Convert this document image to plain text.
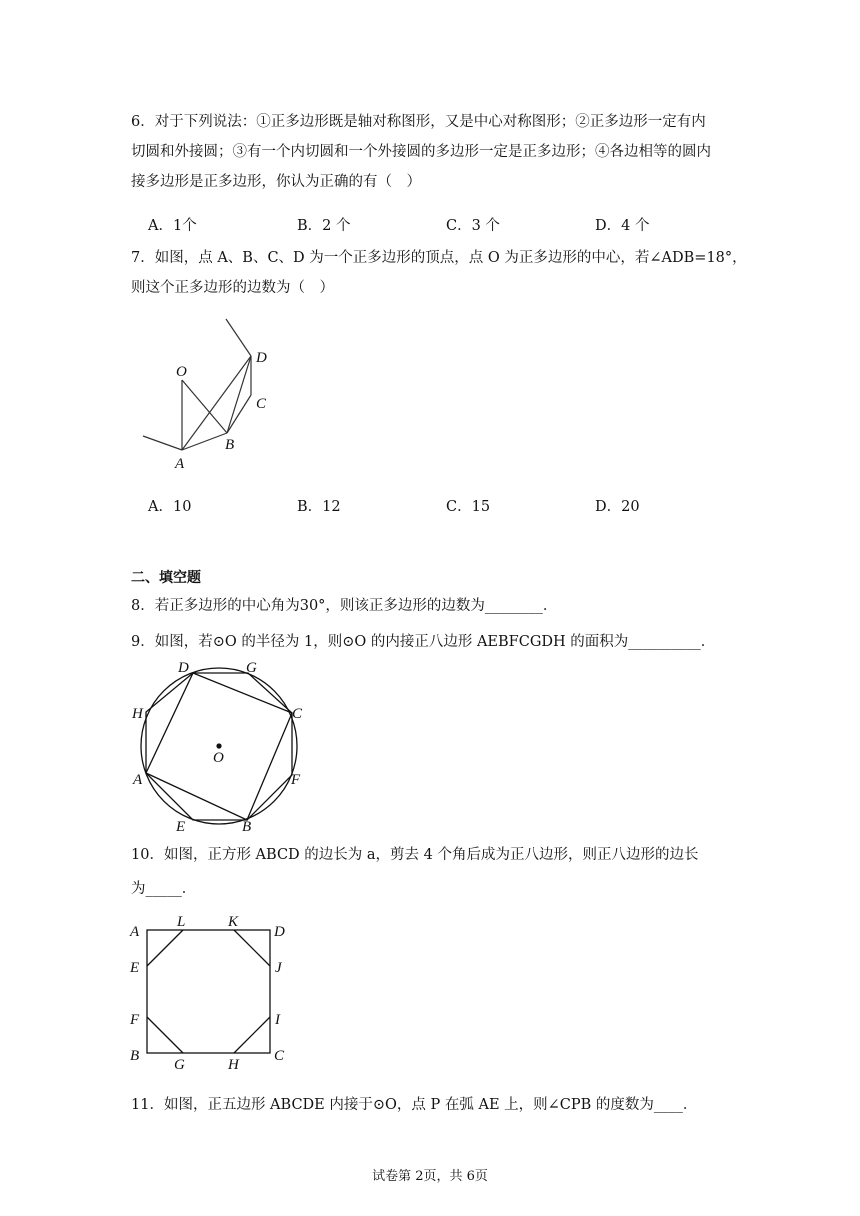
6．对于下列说法：①正多边形既是轴对称图形，又是中心对称图形；②正多边形一定有内
切圆和外接圆；③有一个内切圆和一个外接圆的多边形一定是正多边形；④各边相等的圆内
接多边形是正多边形，你认为正确的有（　）
A．1个	B．2 个	C．3 个	D．4 个
7．如图，点 A、B、C、D 为一个正多边形的顶点，点 O 为正多边形的中心，若∠ADB=18°，
则这个正多边形的边数为（　）
O
A
B
C
D
O
D	G
H	C
A	F
E	B
A
L	K
D
E	J
F	I
B
G	H
C
A．10	B．12	C．15	D．20
二、填空题
8．若正多边形的中心角为30°，则该正多边形的边数为________．
9．如图，若⊙O 的半径为 1，则⊙O 的内接正八边形 AEBFCGDH 的面积为__________．
10．如图，正方形 ABCD 的边长为 a，剪去 4 个角后成为正八边形，则正八边形的边长
为_____．
11．如图，正五边形 ABCDE 内接于⊙O，点 P 在弧 AE 上，则∠CPB 的度数为____．
试卷第 2页，共 6页
